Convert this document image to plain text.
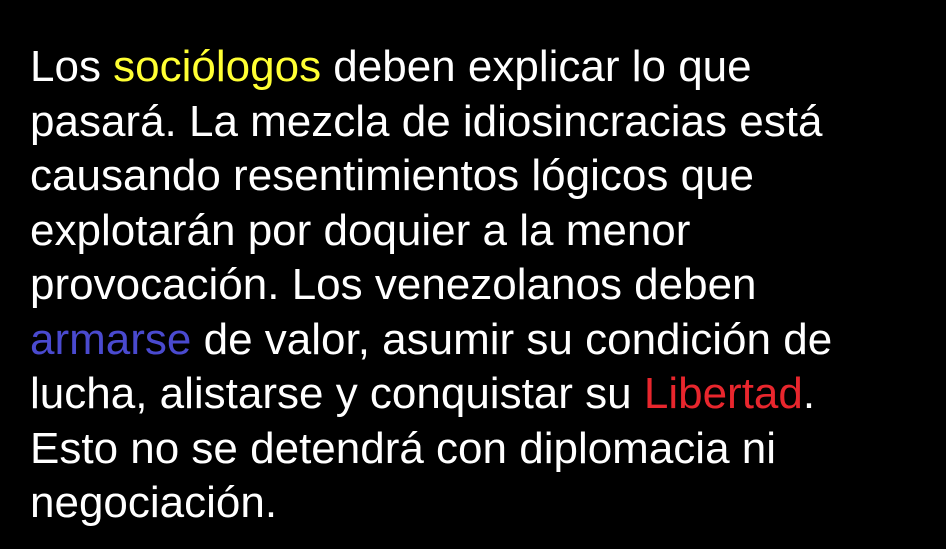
Los sociólogos deben explicar lo que
pasará. La mezcla de idiosincracias está
causando resentimientos lógicos que
explotarán por doquier a la menor
provocación. Los venezolanos deben
armarse de valor, asumir su condición de
lucha, alistarse y conquistar su Libertad.
Esto no se detendrá con diplomacia ni
negociación.
